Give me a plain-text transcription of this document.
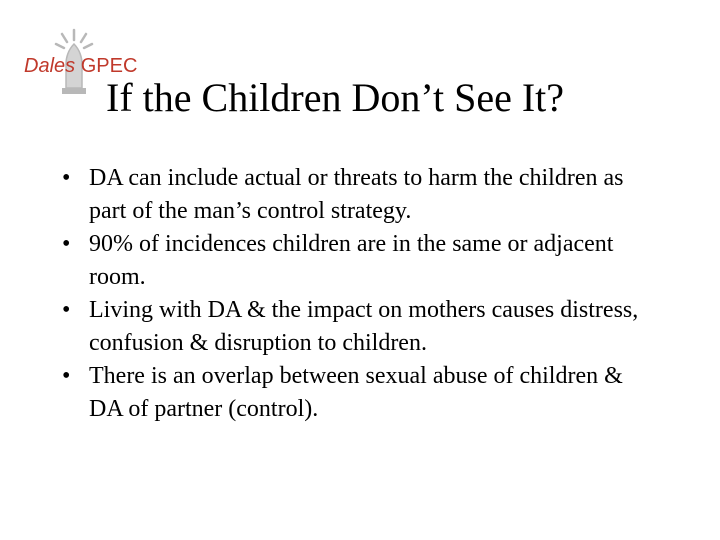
Dales GPEC
If the Children Don’t See It?
• DA can include actual or threats to harm the children as part of the man’s control strategy.
• 90% of incidences children are in the same or adjacent room.
• Living with DA & the impact on mothers causes distress, confusion & disruption to children.
• There is an overlap between sexual abuse of children & DA of partner (control).
